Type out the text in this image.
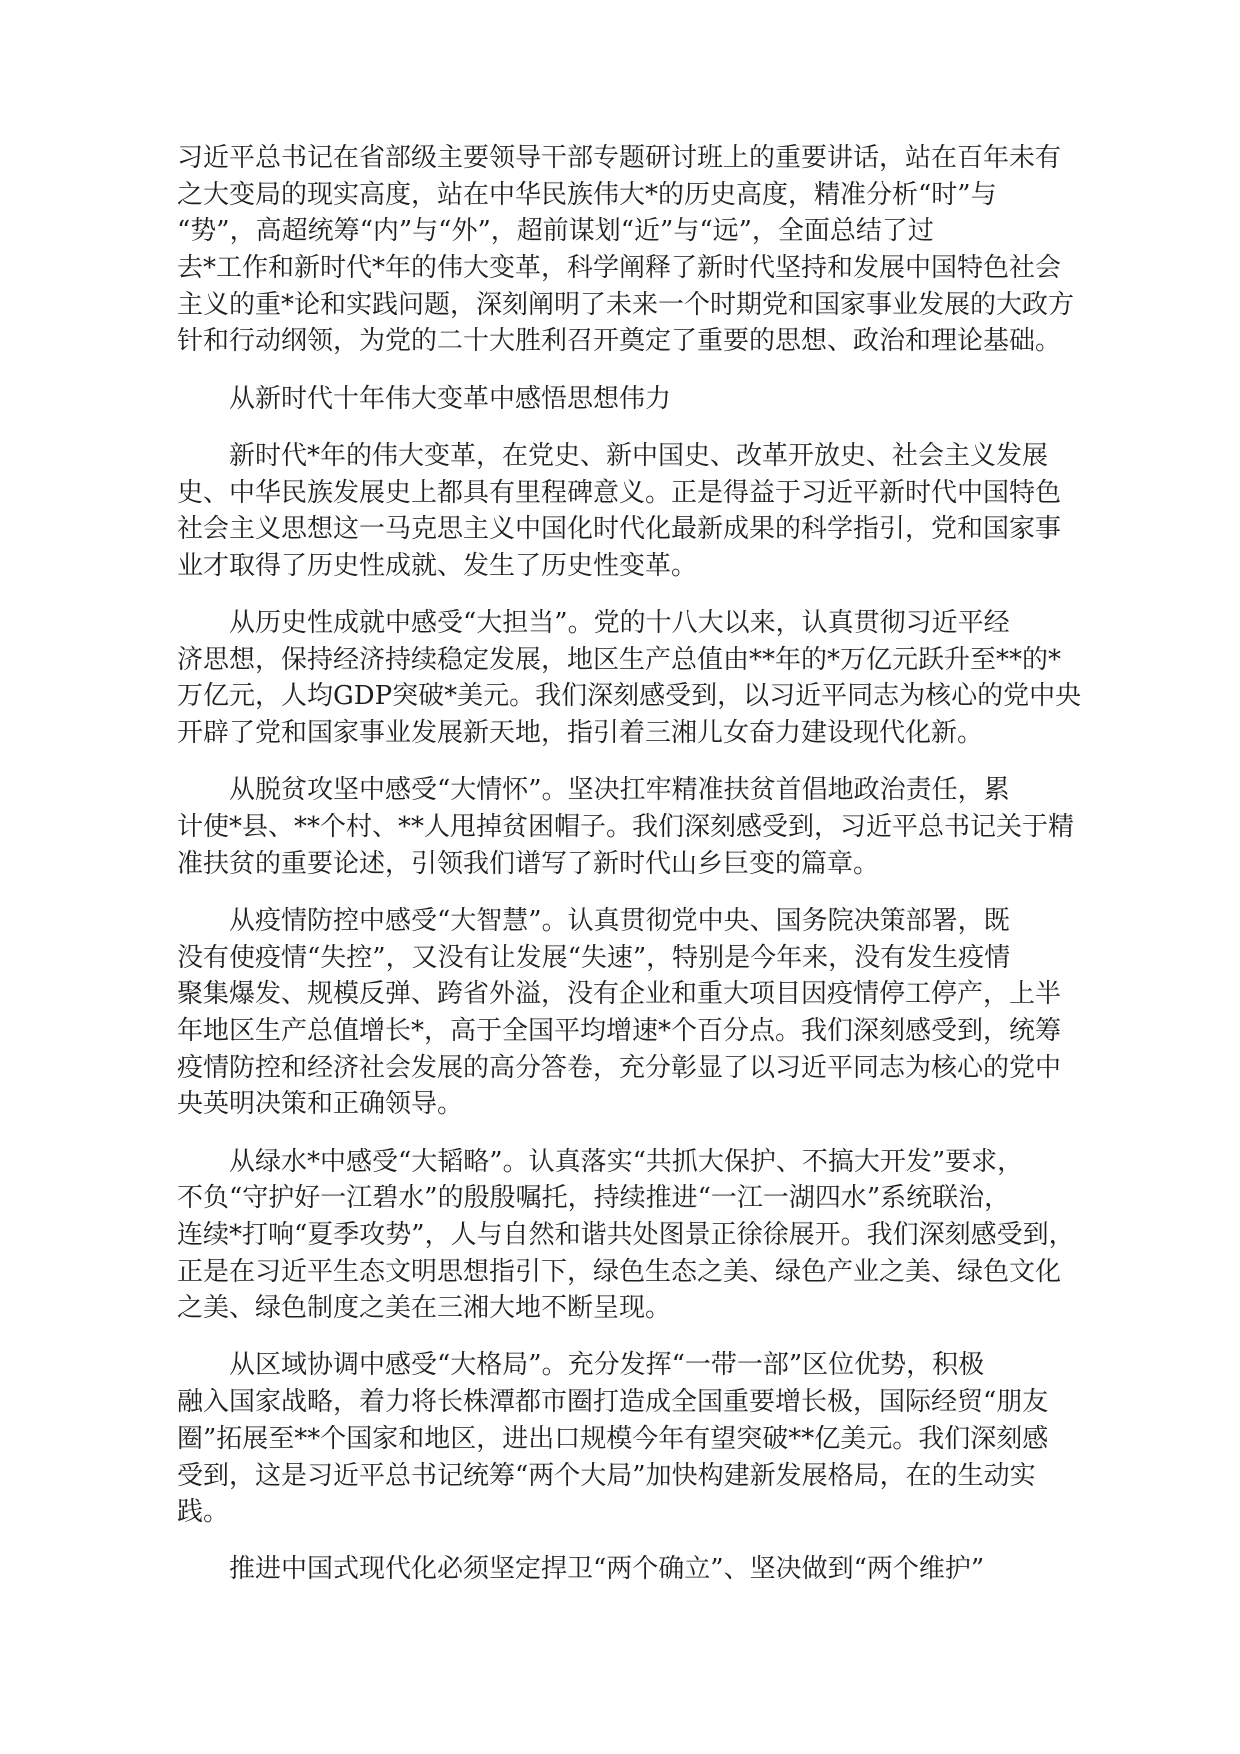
习近平总书记在省部级主要领导干部专题研讨班上的重要讲话，站在百年未有
之大变局的现实高度，站在中华民族伟大*的历史高度，精准分析“时”与
“势”，高超统筹“内”与“外”，超前谋划“近”与“远”，全面总结了过
去*工作和新时代*年的伟大变革，科学阐释了新时代坚持和发展中国特色社会
主义的重*论和实践问题，深刻阐明了未来一个时期党和国家事业发展的大政方
针和行动纲领，为党的二十大胜利召开奠定了重要的思想、政治和理论基础。
从新时代十年伟大变革中感悟思想伟力
新时代*年的伟大变革，在党史、新中国史、改革开放史、社会主义发展
史、中华民族发展史上都具有里程碑意义。正是得益于习近平新时代中国特色
社会主义思想这一马克思主义中国化时代化最新成果的科学指引，党和国家事
业才取得了历史性成就、发生了历史性变革。
从历史性成就中感受“大担当”。党的十八大以来，认真贯彻习近平经
济思想，保持经济持续稳定发展，地区生产总值由**年的*万亿元跃升至**的*
万亿元，人均GDP突破*美元。我们深刻感受到，以习近平同志为核心的党中央
开辟了党和国家事业发展新天地，指引着三湘儿女奋力建设现代化新。
从脱贫攻坚中感受“大情怀”。坚决扛牢精准扶贫首倡地政治责任，累
计使*县、**个村、**人甩掉贫困帽子。我们深刻感受到，习近平总书记关于精
准扶贫的重要论述，引领我们谱写了新时代山乡巨变的篇章。
从疫情防控中感受“大智慧”。认真贯彻党中央、国务院决策部署，既
没有使疫情“失控”，又没有让发展“失速”，特别是今年来，没有发生疫情
聚集爆发、规模反弹、跨省外溢，没有企业和重大项目因疫情停工停产，上半
年地区生产总值增长*，高于全国平均增速*个百分点。我们深刻感受到，统筹
疫情防控和经济社会发展的高分答卷，充分彰显了以习近平同志为核心的党中
央英明决策和正确领导。
从绿水*中感受“大韬略”。认真落实“共抓大保护、不搞大开发”要求，
不负“守护好一江碧水”的殷殷嘱托，持续推进“一江一湖四水”系统联治，
连续*打响“夏季攻势”，人与自然和谐共处图景正徐徐展开。我们深刻感受到，
正是在习近平生态文明思想指引下，绿色生态之美、绿色产业之美、绿色文化
之美、绿色制度之美在三湘大地不断呈现。
从区域协调中感受“大格局”。充分发挥“一带一部”区位优势，积极
融入国家战略，着力将长株潭都市圈打造成全国重要增长极，国际经贸“朋友
圈”拓展至**个国家和地区，进出口规模今年有望突破**亿美元。我们深刻感
受到，这是习近平总书记统筹“两个大局”加快构建新发展格局，在的生动实
践。
推进中国式现代化必须坚定捍卫“两个确立”、坚决做到“两个维护”
